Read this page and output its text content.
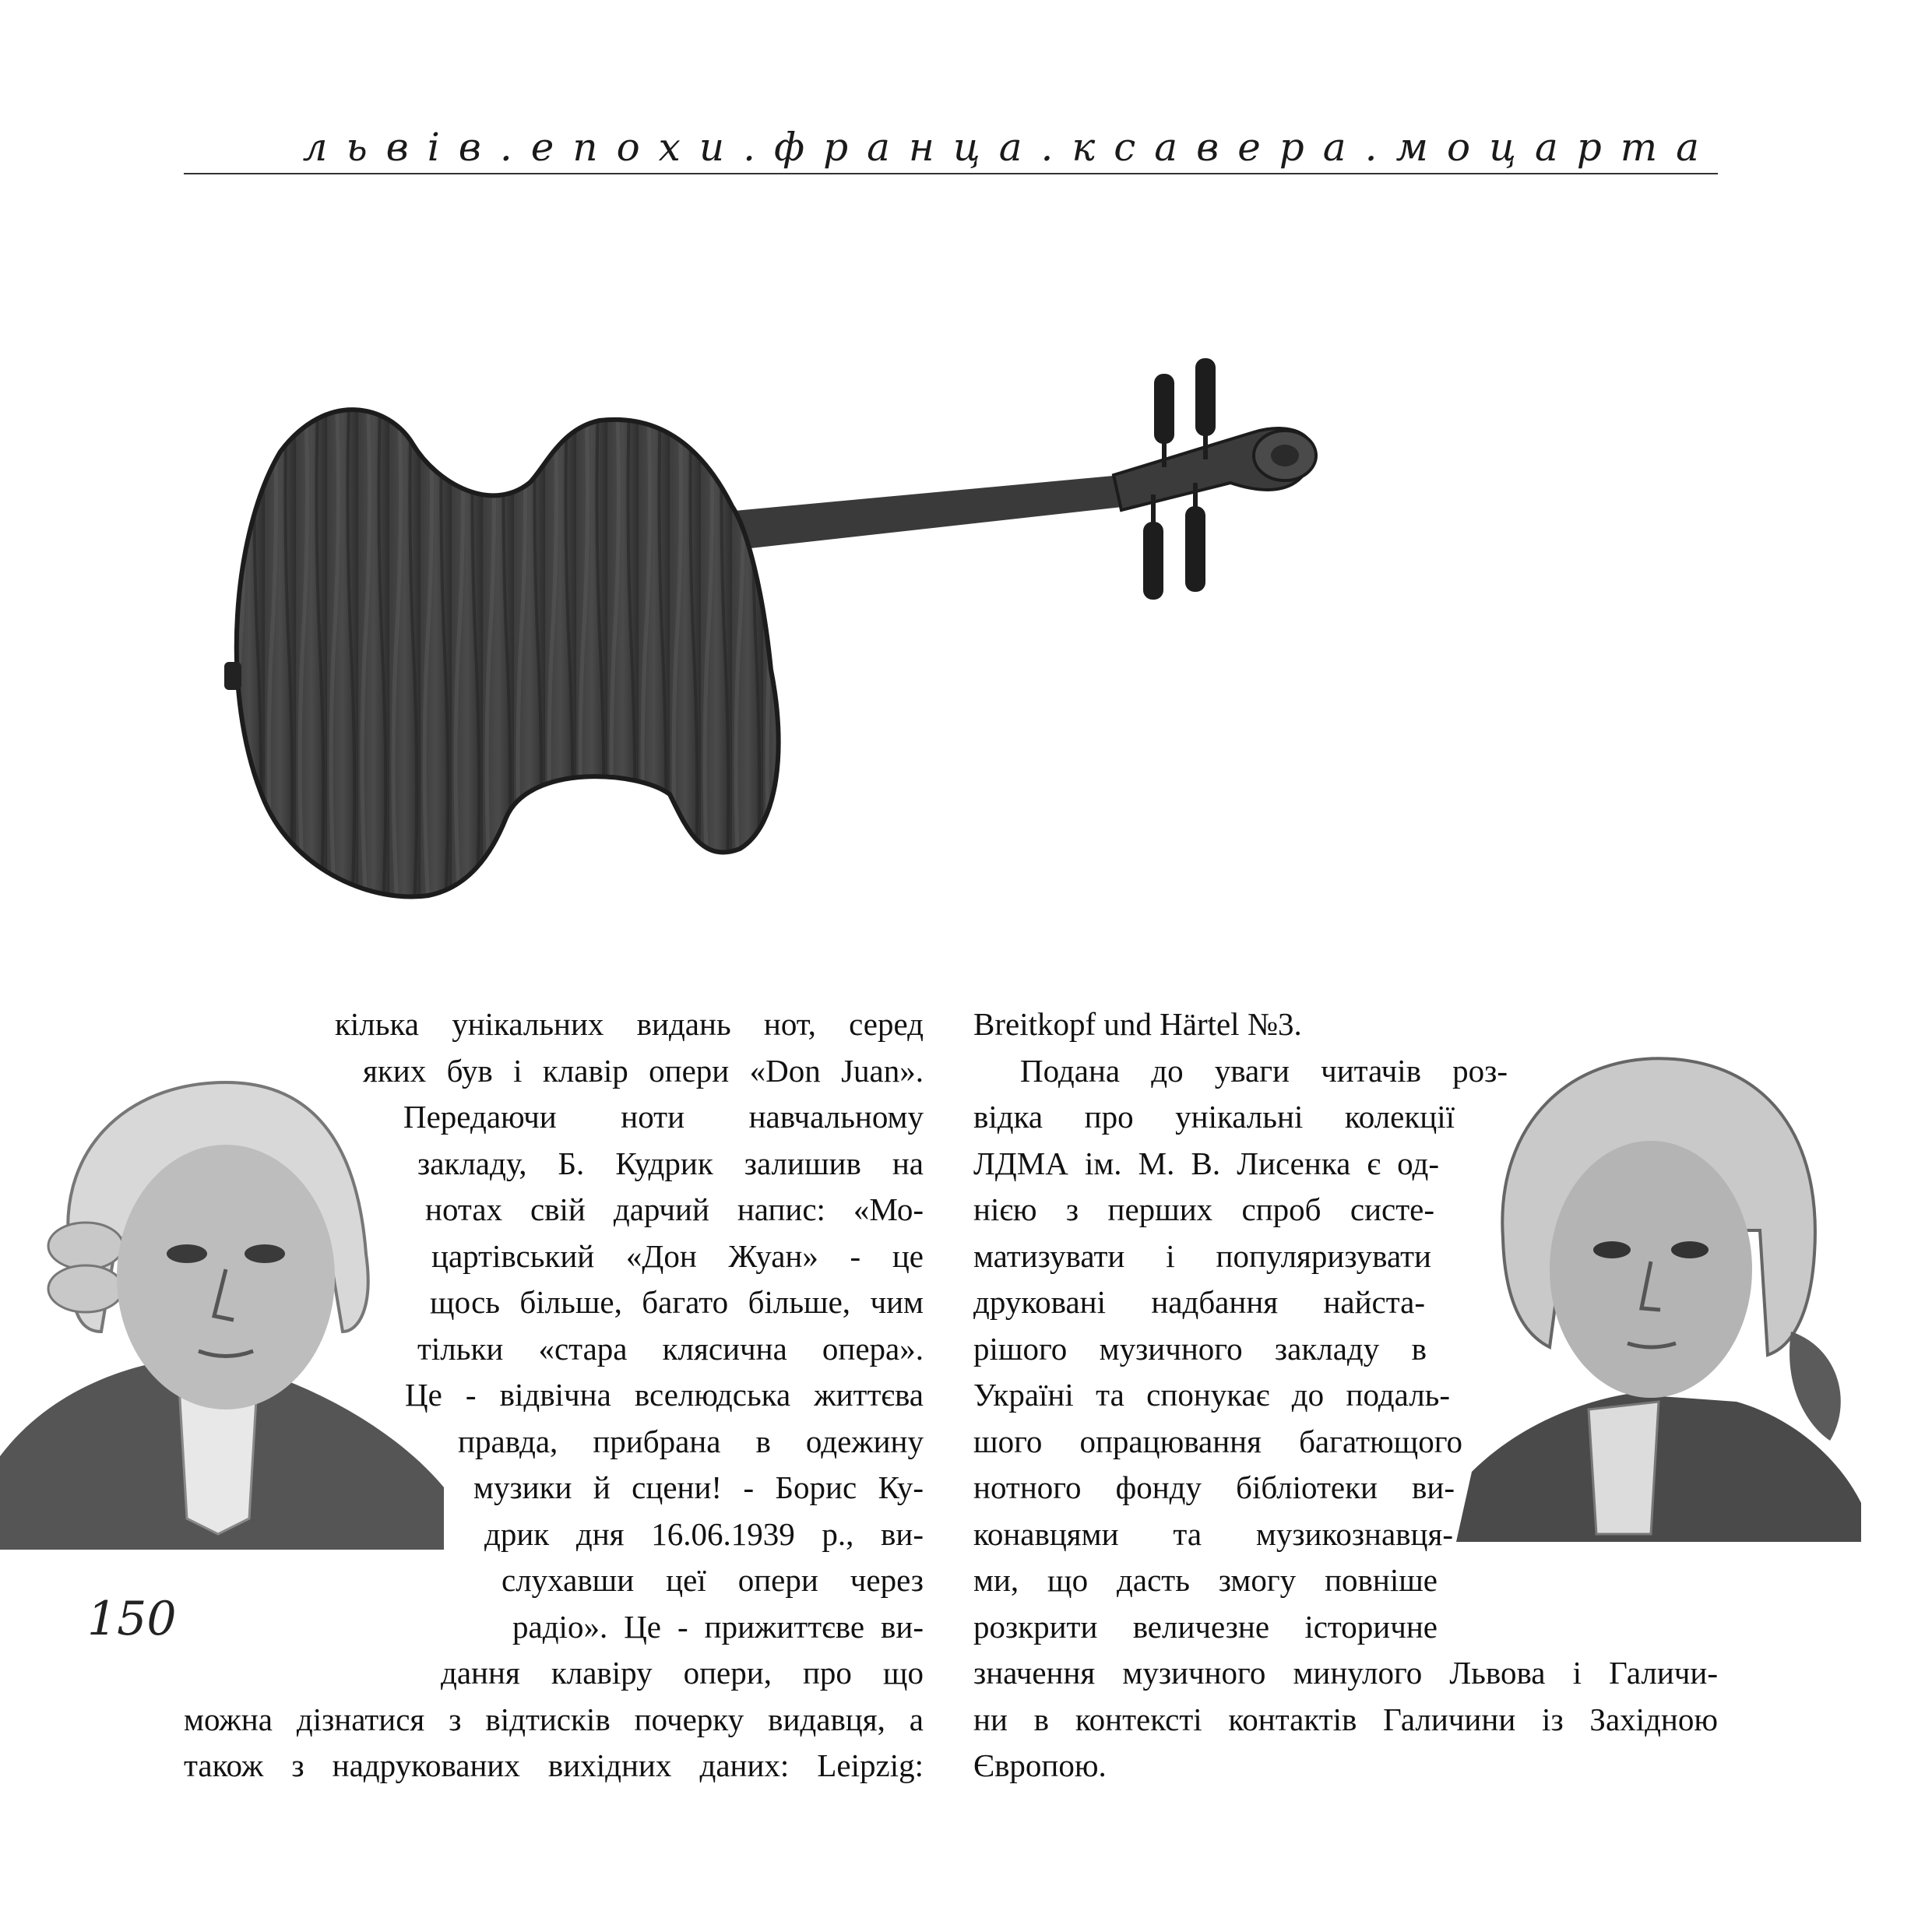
львів.епохи.франца.ксавера.моцарта
кілька унікальних видань нот, серед
яких був і клавір опери «Don Juan».
Передаючи ноти навчальному
закладу, Б. Кудрик залишив на
нотах свій дарчий напис: «Мо-
цартівський «Дон Жуан» - це
щось більше, багато більше, чим
тільки «стара клясична опера».
Це - відвічна вселюдська життєва
правда, прибрана в одежину
музики й сцени! - Борис Ку-
дрик дня 16.06.1939 р., ви-
слухавши цеї опери через
радіо». Це - прижиттєве ви-
дання клавіру опери, про що
можна дізнатися з відтисків почерку видавця, а
також з надрукованих вихідних даних: Leipzig:
Breitkopf und Härtel №3.
Подана до уваги читачів роз-
відка про унікальні колекції
ЛДМА ім. М. В. Лисенка є од-
нією з перших спроб систе-
матизувати і популяризувати
друковані надбання найста-
рішого музичного закладу в
Україні та спонукає до подаль-
шого опрацювання багатющого
нотного фонду бібліотеки ви-
конавцями та музикознавця-
ми, що дасть змогу повніше
розкрити величезне історичне
значення музичного минулого Львова і Галичи-
ни в контексті контактів Галичини із Західною
Європою.
150
